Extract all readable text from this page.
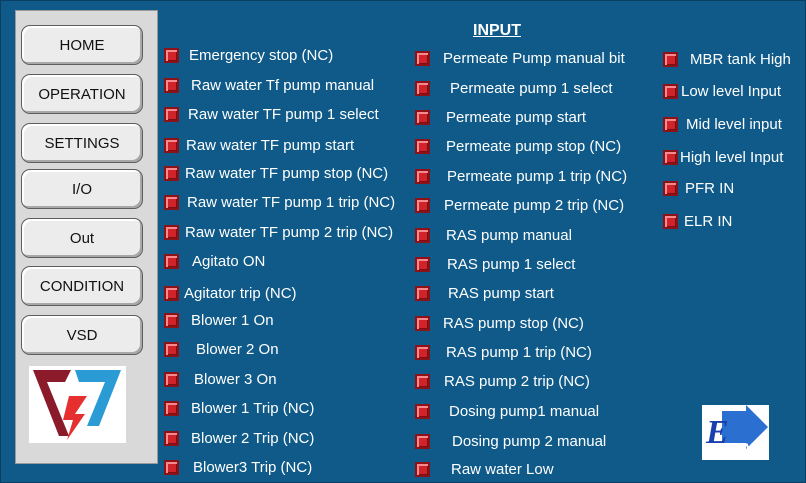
HOME
OPERATION
SETTINGS
I/O
Out
CONDITION
VSD
INPUT
Emergency stop (NC)
Raw water Tf pump manual
Raw water TF pump 1 select
Raw water TF pump start
Raw water TF pump stop (NC)
Raw water TF pump 1 trip (NC)
Raw water TF pump 2 trip (NC)
Agitato ON
Agitator trip (NC)
Blower 1 On
Blower 2 On
Blower 3 On
Blower 1 Trip (NC)
Blower 2 Trip (NC)
Blower3 Trip (NC)
Permeate Pump manual bit
Permeate pump 1 select
Permeate pump start
Permeate pump stop (NC)
Permeate pump 1 trip (NC)
Permeate pump 2 trip (NC)
RAS pump manual
RAS pump 1 select
RAS pump start
RAS pump stop (NC)
RAS pump 1 trip (NC)
RAS pump 2 trip (NC)
Dosing pump1 manual
Dosing pump 2 manual
Raw water Low
MBR tank High
Low level Input
Mid level input
High level Input
PFR IN
ELR IN
E WS
